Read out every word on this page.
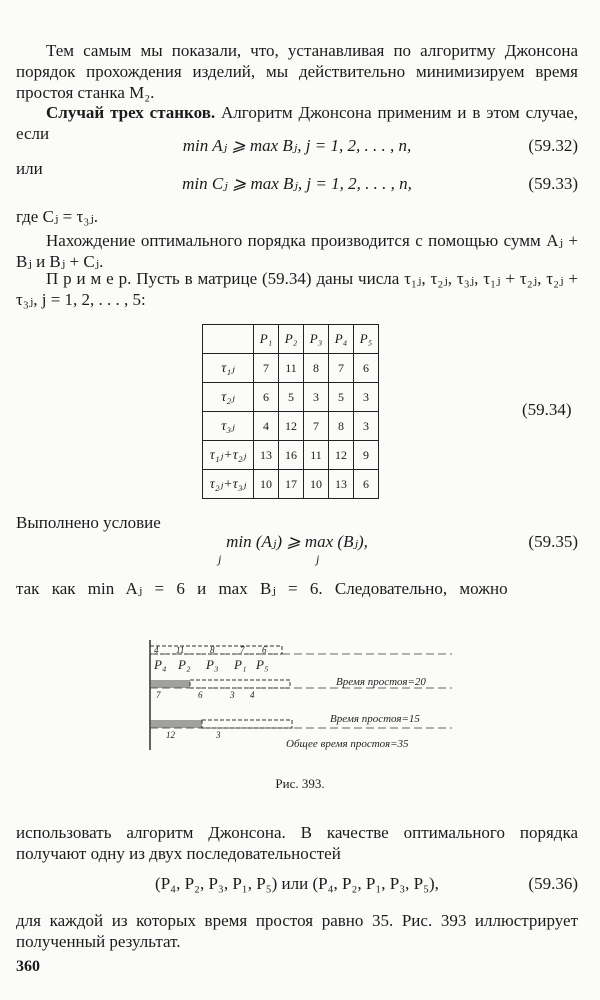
Тем самым мы показали, что, устанавливая по алгоритму Джонсона порядок прохождения изделий, мы действительно минимизируем время простоя станка M₂.
Случай трех станков. Алгоритм Джонсона применим и в этом случае, если
min Aⱼ ⩾ max Bⱼ, j = 1, 2, . . . , n,	(59.32)
или
min Cⱼ ⩾ max Bⱼ, j = 1, 2, . . . , n,	(59.33)
где Cⱼ = τ₃ⱼ.
Нахождение оптимального порядка производится с помощью сумм Aⱼ + Bⱼ и Bⱼ + Cⱼ.
П р и м е р. Пусть в матрице (59.34) даны числа τ₁ⱼ, τ₂ⱼ, τ₃ⱼ, τ₁ⱼ + τ₂ⱼ, τ₂ⱼ + τ₃ⱼ, j = 1, 2, . . . , 5:
	P₁	P₂	P₃	P₄	P₅
τ₁ⱼ	7	11	8	7	6
τ₂ⱼ	6	5	3	5	3
τ₃ⱼ	4	12	7	8	3
τ₁ⱼ+τ₂ⱼ	13	16	11	12	9
τ₂ⱼ+τ₃ⱼ	10	17	10	13	6
(59.34)
Выполнено условие
min (Aⱼ) ⩾ max (Bⱼ),	(59.35)
j	j
так как min Aⱼ = 6 и max Bⱼ = 6. Следовательно, можно
4 11	8	7 6
P₄ P₂ P₃ P₁ P₅
Время простоя=20
7	6	3 4
Время простоя=15
12	3
Общее время простоя=35
Рис. 393.
использовать алгоритм Джонсона. В качестве оптимального порядка получают одну из двух последовательностей
(P₄, P₂, P₃, P₁, P₅) или (P₄, P₂, P₁, P₃, P₅),	(59.36)
для каждой из которых время простоя равно 35. Рис. 393 иллюстрирует полученный результат.
360
